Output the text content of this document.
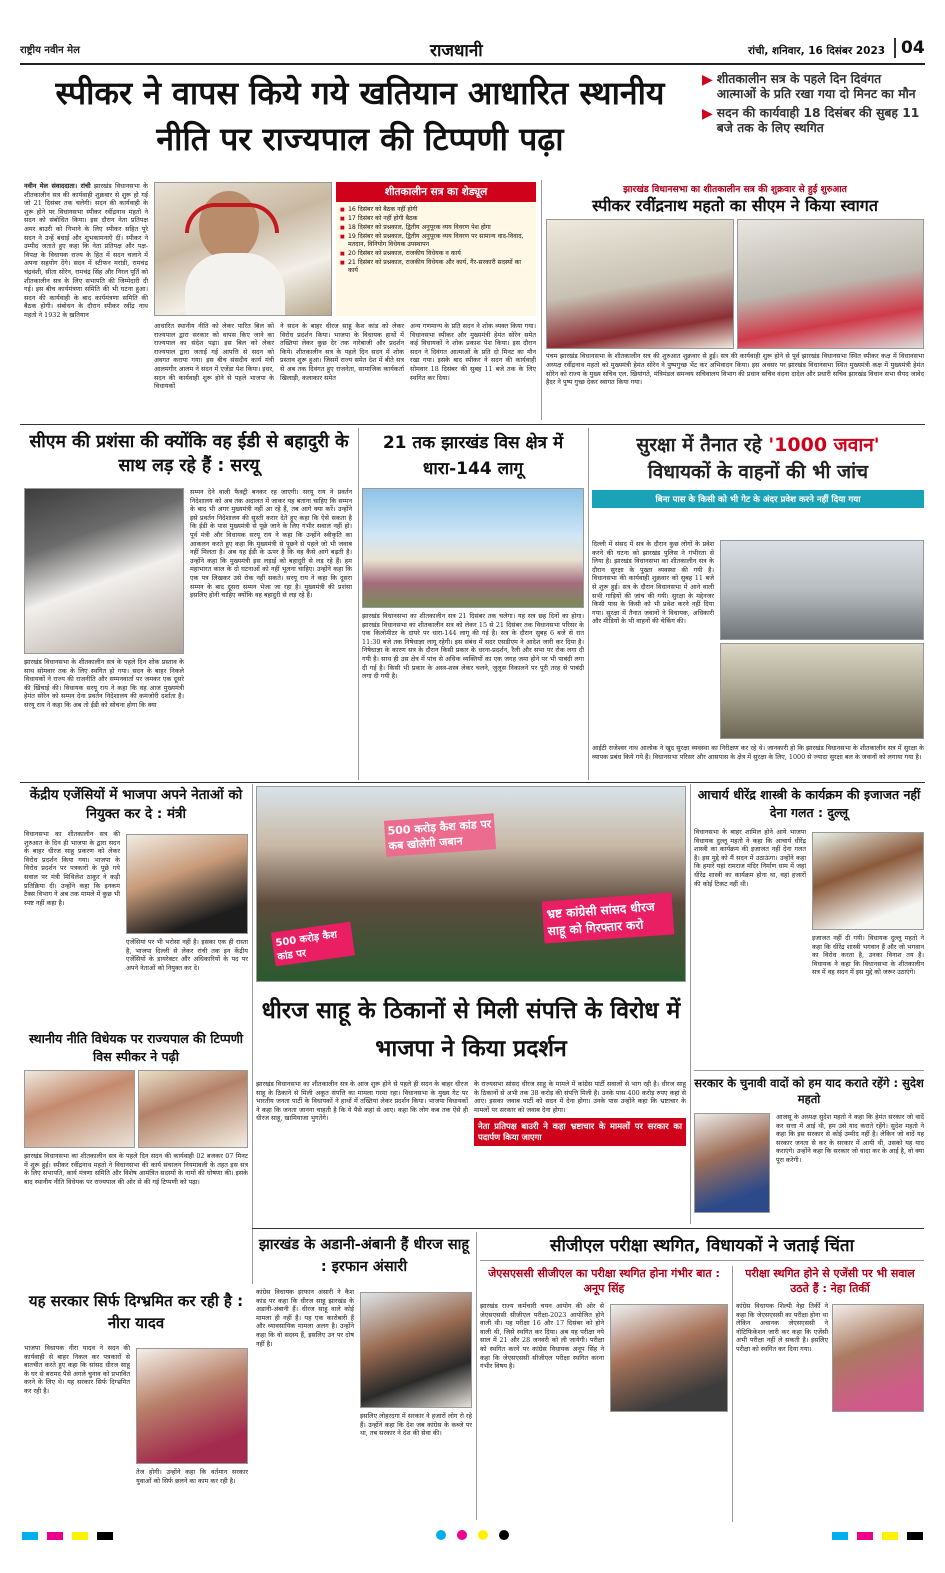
राष्ट्रीय नवीन मेल	राजधानी	रांची, शनिवार, 16 दिसंबर 2023 04
स्पीकर ने वापस किये गये खतियान आधारित स्थानीय नीति पर राज्यपाल की टिप्पणी पढ़ा
▶ शीतकालीन सत्र के पहले दिन दिवंगत आत्माओं के प्रति रखा गया दो मिनट का मौन
▶ सदन की कार्यवाही 18 दिसंबर की सुबह 11 बजे तक के लिए स्थगित
नवीन मेल संवाददाता। रांची झारखंड विधानसभा के शीतकालीन सत्र की कार्यवाही शुक्रवार से शुरू हो गई जो 21 दिसंबर तक चलेगी। सदन की कार्यवाही के शुरू होने पर विधानसभा स्पीकर रवींद्रनाथ महतो ने सदन को संबोधित किया। इस दौरान नेता प्रतिपक्ष अमर बाउरी को निभाने के लिए स्पीकर सहित पूरे सदन ने उन्हें बधाई और शुभकामनाएँ दीं। स्पीकर ने उम्मीद जताते हुए कहा कि नेता प्रतिपक्ष और पक्ष-विपक्ष के विधायक राज्य के हित में सदन चलाने में अपना सहयोग देंगे। सदन में स्टीफन मरांडी, रामचंद्र चंद्रवंशी, सीता सोरेन, रामचंद्र सिंह और निरल पूर्ति को शीतकालीन सत्र के लिए सभापति की जिम्मेदारी दी गई। इस बीच कार्यमंत्रणा समिति की भी घटना हुआ। सदन की कार्यवाही के बाद कार्यमंत्रणा समिति की बैठक होगी। संबोधन के दौरान स्पीकर रवींद्र नाथ महतो ने 1932 के खतियान
शीतकालीन सत्र का शेड्यूल
■ 16 दिसंबर को बैठक नहीं होगी
■ 17 दिसंबर को नहीं होगी बैठक
■ 18 दिसंबर को प्रश्नकाल, द्वितीय अनुपूरक व्यय विवरण पेश होगा
■ 19 दिसंबर को प्रश्नकाल, द्वितीय अनुपूरक व्यय विवरण पर सामान्य वाद-विवाद, मतदान, विनियोग विधेयक उपस्थापन
■ 20 दिसंबर को प्रश्नकाल, राजकीय विधेयक व कार्य
■ 21 दिसंबर को प्रश्नकाल, राजकीय विधेयक और कार्य, गैर-सरकारी सदस्यों का कार्य
आधारित स्थानीय नीति को लेकर पारित बिल को राज्यपाल द्वारा सरकार को वापस किए जाने का राज्यपाल का संदेश पढ़ा। इस बिल को लेकर राज्यपाल द्वारा जताई गई आपत्ति से सदन को अवगत कराया गया। इस बीच संसदीय कार्य मंत्री आलमगीर आलम ने सदन में एजेंडा पेश किया। इधर, सदन की कार्यवाही शुरू होने से पहले भाजपा के विधायकों
ने सदन के बाहर धीरज साहू कैश कांड को लेकर विरोध प्रदर्शन किया। भाजपा के विधायक हाथों में तख्तियां लेकर कुछ देर तक नारेबाजी और प्रदर्शन किये। शीतकालीन सत्र के पहले दिन सदन में शोक प्रस्ताव शुरू हुआ। जिसमें राज्य समेत देश में बीते सत्र से अब तक दिवंगत हुए राजनेता, सामाजिक कार्यकर्ता खिलाड़ी, कलाकार समेत
अन्य गणमान्य के प्रति सदन ने शोक व्यक्त किया गया। विधानसभा स्पीकर और मुख्यमंत्री हेमंत सोरेन समेत कई विधायकों ने शोक प्रकाश पेश किया। इस दौरान सदन ने दिवंगत आत्माओं के प्रति दो मिनट का मौन रखा गया। इसके बाद स्पीकर ने सदन की कार्यवाही सोमवार 18 दिसंबर की सुबह 11 बजे तक के लिए स्थगित कर दिया।
झारखंड विधानसभा का शीतकालीन सत्र की शुक्रवार से हुई शुरुआत
स्पीकर रवींद्रनाथ महतो का सीएम ने किया स्वागत
पंचम झारखंड विधानसभा के शीतकालीन सत्र की शुरुआत शुक्रवार से हुई। सत्र की कार्यवाही शुरू होने से पूर्व झारखंड विधानसभा स्थित स्पीकर कक्ष में विधानसभा अध्यक्ष रवींद्रनाथ महतो को मुख्यमंत्री हेमंत सोरेन ने पुष्पगुच्छ भेंट कर अभिवादन किया। इस अवसर पर झारखंड विधानसभा स्थित मुख्यमंत्री कक्ष में मुख्यमंत्री हेमंत सोरेन को राज्य के मुख्य सचिव एल. खियांगते, मंत्रिमंडल समन्वय सचिवालय विभाग की प्रधान सचिव वंदना दादेल और प्रधारी सचिव झारखंड विधान सभा सैयद जावेद हैदर ने पुष्प गुच्छ देकर स्वागत किया गया।
सीएम की प्रशंसा की क्योंकि वह ईडी से बहादुरी के साथ लड़ रहे हैं : सरयू
झारखंड विधानसभा के शीतकालीन सत्र के पहले दिन शोक प्रस्ताव के साथ सोमवार तक के लिए स्थगित हो गया। सदन के बाहर निकले विधायकों ने राज्य की राजनीति और सम्मनवार्ता पर जमकर एक दूसरे की खिंचाई की। विधायक सरयू राय ने कहा कि वह आज मुख्यमंत्री हेमंत सोरेन को सम्मन देना प्रवर्तन निदेशालय की कमजोरी दर्शाता है। सरयू राय ने कहा कि अब तो ईडी को सोचना होगा कि क्या
सम्मन देने वाली फैक्ट्री बनकर रह जाएगी। सरयू राय ने प्रवर्तन निदेशालय को अब तक अदालत में जाकर यह बताना चाहिए कि सम्मन के बाद भी अगर मुख्यमंत्री नहीं आ रहे हैं, तब आगे क्या करें। उन्होंने इसे प्रवर्तन निदेशालय की सुस्ती करार देते हुए कहा कि ऐसे सकता है कि ईडी के पास मुख्यमंत्री से पूछे जाने के लिए गंभीर सवाल नहीं हो। पूर्व मंत्री और विधायक सरयू राय ने कहा कि उन्होंने स्वीकृति का आकलन करते हुए कहा कि मुख्यमंत्री से पूछने से पहले जो भी जवाब नहीं मिलता है। अब यह ईडी के ऊपर है कि वह कैसे आगे बढ़ती है। उन्होंने कहा कि मुख्यमंत्री इस लड़ाई को बहादुरी से लड़ रहे हैं। हम महाभारत काल के दो घटनाओं को नहीं भूलना चाहिए। उन्होंने कहा कि एक पत्र लिखकर उसे रोक नहीं सकते। सरयू राय ने कहा कि दूसरा सम्मन के बाद दूसरा सम्मन भेजा जा रहा है। मुख्यमंत्री की प्रशंसा इसलिए होनी चाहिए क्योंकि वह बहादुरी से लड़ रहे हैं।
21 तक झारखंड विस क्षेत्र में धारा-144 लागू
झारखंड विधानसभा का शीतकालीन सत्र 21 दिसंबर तक चलेगा। यह सत्र छह दिनों का होगा। झारखंड विधानसभा का शीतकालीन सत्र को लेकर 15 से 21 दिसंबर तक विधानसभा परिसर के एक किलोमीटर के दायरे पर धारा-144 लागू की गई है। सत्र के दौरान सुबह 6 बजे से रात 11:30 बजे तक निषेधाज्ञा लागू रहेगी। इस संबंध में सदर एसडीएम ने आदेश जारी कर दिया है। निषेधाज्ञा के कारण सत्र के दौरान किसी प्रकार के धरना-प्रदर्शन, रैली और सभा पर रोक लगा दी गयी है। साथ ही उस क्षेत्र में पांच से अधिक व्यक्तियों का एक जगह जमा होने पर भी पाबंदी लगा दी गई है। किसी भी प्रकार के अस्त्र-शस्त्र लेकर चलने, जुलूस निकालने पर पूरी तरह से पाबंदी लगा दी गयी है।
सुरक्षा में तैनात रहे '1000 जवान'
विधायकों के वाहनों की भी जांच
बिना पास के किसी को भी गेट के अंदर प्रवेश करने नहीं दिया गया
दिल्ली में संसद में सत्र के दौरान कुछ लोगों के प्रवेश करने की घटना को झारखंड पुलिस ने गंभीरता से लिया है। झारखंड विधानसभा का शीतकालीन सत्र के दौरान सुरक्षा के पुख्ता व्यवस्था की गयी है। विधानसभा की कार्यवाही शुक्रवार को सुबह 11 बजे से शुरू हुई। सत्र के दौरान विधानसभा में आने वाली सभी गाड़ियों की जांच की गयी। सुरक्षा के मद्देनजर किसी पास के किसी को भी प्रवेश करने नहीं दिया गया। सुरक्षा में तैनात जवानों ने विधायक, अधिकारी और मीडियों के भी वाहनों की चेकिंग की।
आईटी राजेश्वर नाथ आलोक ने खुद सुरक्षा व्यवस्था का निरीक्षण कर रहे थे। जानकारी हो कि झारखंड विधानसभा के शीतकालीन सत्र में सुरक्षा के व्यापक प्रबंध किये गये हैं। विधानसभा परिसर और आसपास के क्षेत्र में सुरक्षा के लिए, 1000 से ज्यादा सुरक्षा बल के जवानों को लगाया गया है।
केंद्रीय एजेंसियों में भाजपा अपने नेताओं को नियुक्त कर दे : मंत्री
विधानसभा का शीतकालीन सत्र की शुरुआत के दिन ही भाजपा के द्वारा सदन के बाहर धीरज साहू प्रकरण को लेकर विरोध प्रदर्शन किया गया। भाजपा के विरोध प्रदर्शन पर पत्रकारों के पूछे गये सवाल पर मंत्री मिथिलेश ठाकुर ने कड़ी प्रतिक्रिया दी। उन्होंने कहा कि इनकम टैक्स विभाग ने अब तक मामले में कुछ भी स्पष्ट नहीं कहा है।
एजेंसियां पर भी भरोसा नहीं है। इसका एक ही रास्ता है, भाजपा दिल्ली से लेकर रांची तक इन केंद्रीय एजेंसियों के डायरेक्टर और अधिकारियों के पद पर अपने नेताओं को नियुक्त कर दे।
500 करोड़ कैश कांड पर कब खोलेगी जबान
भ्रष्ट कांग्रेसी सांसद धीरज साहू को गिरफ्तार करो
500 करोड़ कैश कांड पर
धीरज साहू के ठिकानों से मिली संपत्ति के विरोध में भाजपा ने किया प्रदर्शन
झारखंड विधानसभा का शीतकालीन सत्र के आज शुरू होने से पहले ही सदन के बाहर धीरज साहू के ठिकाने से मिली अकूत संपत्ति का मामला गरमा रहा। विधानसभा के मुख्य गेट पर भारतीय जनता पार्टी के विधायकों ने हाथों में तख्तियां लेकर प्रदर्शन किया। भाजपा विधायकों ने कहा कि जनता जानना चाहती है कि ये पैसे कहां से आए। कहा कि लोग कब तक ऐसे ही धीरज साहू, खामियाजा भुगतेंगे।
के राज्यसभा सांसद धीरज साहू के मामले में कांग्रेस पार्टी सवालों से भाग रही है। धीरज साहू के ठिकानों से अभी तक 38 करोड़ की संपत्ति मिली है। उनके पास 400 करोड़ रुपए कहां से आए। इसका जवाब पार्टी को सदन में देना होगा। उनके पास उन्होंने कहा कि भ्रष्टाचार के मामलों पर सरकार को जवाब देना होगा।
नेता प्रतिपक्ष बाउरी ने कहा भ्रष्टाचार के मामलों पर सरकार का पदार्पण किया जाएगा
आचार्य धीरेंद्र शास्त्री के कार्यक्रम की इजाजत नहीं देना गलत : दुल्लू
विधानसभा के बाहर शामिल होने आये भाजपा विधायक दुल्लू महतो ने कहा कि आचार्य धीरेंद्र शास्त्री का कार्यक्रम की इजाजत नहीं देना गलत है। इस मुद्दे को मैं सदन में उठाऊंगा। उन्होंने कहा कि हमारे यहां रामराज मंदिर निर्माण धाम में जहां धीरेंद्र शास्त्री का कार्यक्रम होना था, वहां हजारों की कोई टिकट नहीं थी।
इजाजत नहीं दी गयी। विधायक दुल्लू महतो ने कहा कि धीरेंद्र शास्त्री भगवान हैं और जो भगवान का विरोध करता है, उनका विनाश तय है। विधायक ने कहा कि विधानसभा के शीतकालीन सत्र में वह सदन में इस मुद्दे को जरूर उठाएंगे।
स्थानीय नीति विधेयक पर राज्यपाल की टिप्पणी विस स्पीकर ने पढ़ी
झारखंड विधानसभा का शीतकालीन सत्र के पहले दिन सदन की कार्यवाही 02 बजकर 07 मिनट में शुरू हुई। स्पीकर रवींद्रनाथ महतो ने विधानसभा की कार्य संचालन नियमावली के तहत इस सत्र के लिए सभापति, कार्य मंत्रणा समिति और विशेष आमंत्रित सदस्यों के नामों की घोषणा की। इसके बाद स्थानीय नीति विधेयक पर राज्यपाल की ओर से की गई टिप्पणी को पढ़ा।
सरकार के चुनावी वादों को हम याद कराते रहेंगे : सुदेश महतो
आजसू के अध्यक्ष सुदेश महतो ने कहा कि हेमंत सरकार जो वादें कर सत्ता में आई थी, हम उसे याद कराते रहेंगे। सुदेश महतो ने कहा कि इस सरकार से कोई उम्मीद नहीं है। लेकिन जो वादें यह सरकार जनता से कर के सरकार में आयी थी, उसको यह याद कराएंगे। उन्होंने कहा कि सरकार जो वादा कर के आई है, वो क्या पूरा करेगी।
यह सरकार सिर्फ दिग्भ्रमित कर रही है : नीरा यादव
भाजपा विधायक नीरा यादव ने सदन की कार्यवाही से बाहर निकल कर पत्रकारों से बातचीत करते हुए कहा कि सांसद धीरज साहू के घर से बरामद पैसे अगले चुनाव को प्रभावित करने के लिए थे। यह सरकार सिर्फ दिग्भ्रमित कर रही है।
तेज होगी। उन्होंने कहा कि वर्तमान सरकार युवाओं को सिर्फ छलने का काम कर रही है।
झारखंड के अडानी-अंबानी हैं धीरज साहू : इरफान अंसारी
कांग्रेस विधायक इरफान अंसारी ने कैश कांड पर कहा कि धीरज साहू झारखंड के अडानी-अंबानी हैं। धीरज साहू वाले कोई मामला ही नहीं है। यह एक कारोबारी हैं और व्यावसायिक मामला अलग है। उन्होंने कहा कि वो सदस्य हैं, इसलिए उन पर दोष नहीं है।
इसलिए लोहरदगा में सरकार ने हजारों लोग रो रहे हैं। उन्होंने कहा कि देश जब कांग्रेस के कब्जे पर था, तब सरकार ने देश की सेवा की।
सीजीएल परीक्षा स्थगित, विधायकों ने जताई चिंता
जेएसएससी सीजीएल का परीक्षा स्थगित होना गंभीर बात : अनूप सिंह
झारखंड राज्य कर्मचारी चयन आयोग की ओर से जेएसएससी सीजीएल परीक्षा-2023 आयोजित होने वाली थी। यह परीक्षा 16 और 17 दिसंबर को होने वाली थी, जिसे स्थगित कर दिया। अब यह परीक्षा नये साल में 21 और 28 जनवरी को ली जायेगी। परीक्षा को स्थगित करने पर कांग्रेस विधायक अनूप सिंह ने कहा कि जेएसएससी सीजीएल परीक्षा स्थगित करना गंभीर विषय है।
परीक्षा स्थगित होने से एजेंसी पर भी सवाल उठते हैं : नेहा तिर्की
कांग्रेस विधायक शिल्पी नेहा तिर्की ने कहा कि जेएसएससी का परीक्षा होना था लेकिन अचानक जेएसएससी ने नोटिफिकेशन जारी कर कहा कि एजेंसी अभी परीक्षा नहीं ले सकती है। इसलिए परीक्षा को स्थगित कर दिया गया।
